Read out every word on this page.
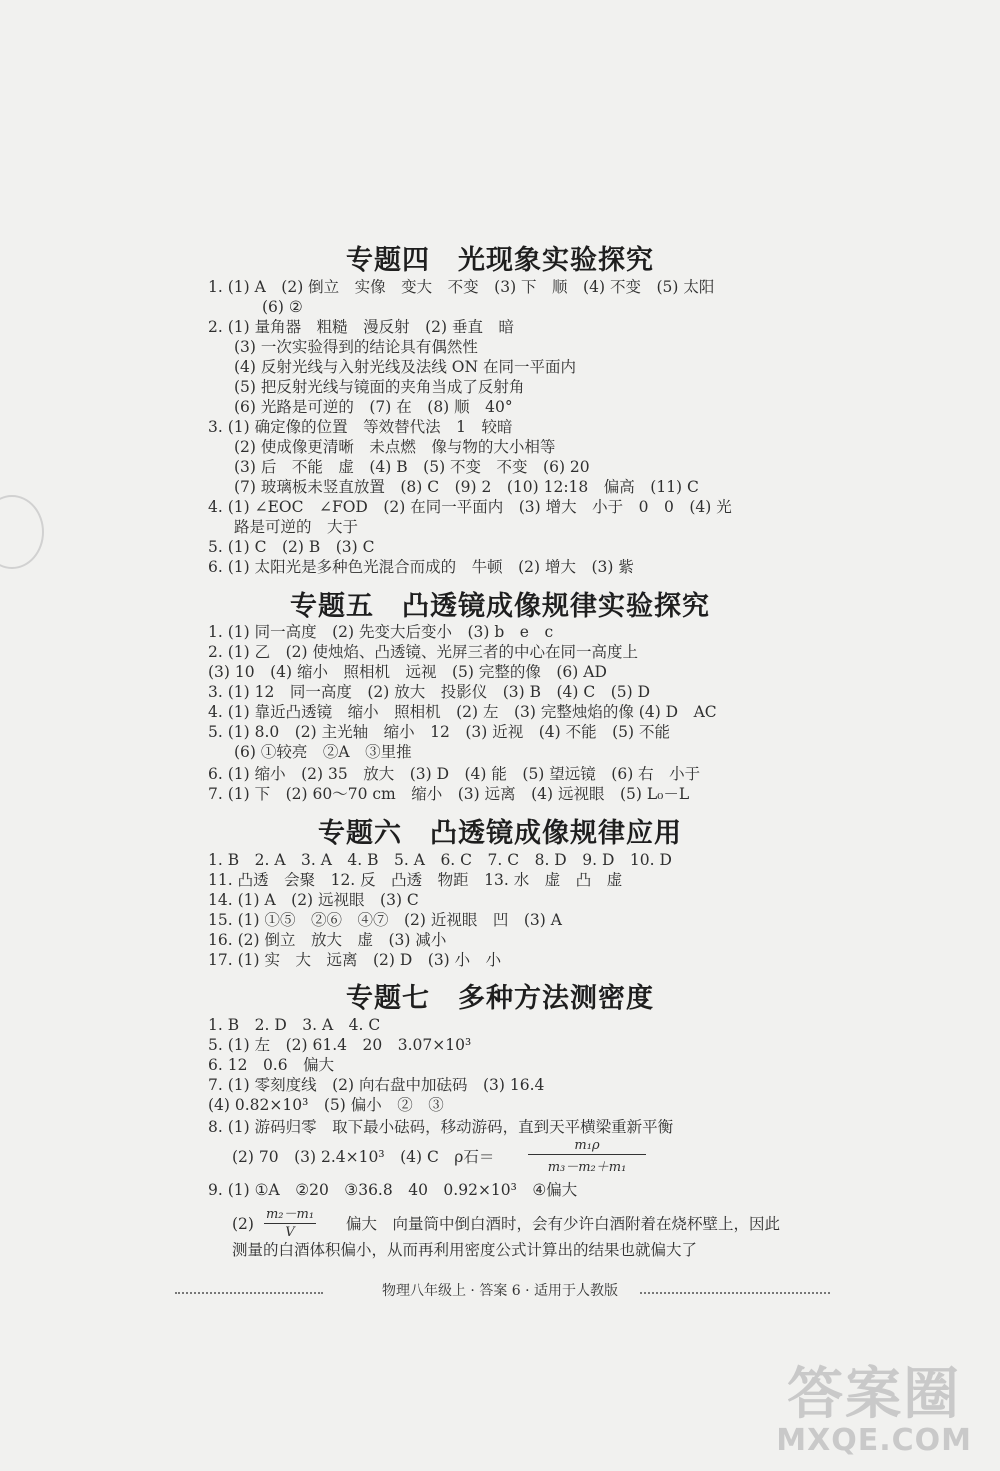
专题四　光现象实验探究
1. (1) A　(2) 倒立　实像　变大　不变　(3) 下　顺　(4) 不变　(5) 太阳
(6) ②
2. (1) 量角器　粗糙　漫反射　(2) 垂直　暗
(3) 一次实验得到的结论具有偶然性
(4) 反射光线与入射光线及法线 ON 在同一平面内
(5) 把反射光线与镜面的夹角当成了反射角
(6) 光路是可逆的　(7) 在　(8) 顺　40°
3. (1) 确定像的位置　等效替代法　1　较暗
(2) 使成像更清晰　未点燃　像与物的大小相等
(3) 后　不能　虚　(4) B　(5) 不变　不变　(6) 20
(7) 玻璃板未竖直放置　(8) C　(9) 2　(10) 12:18　偏高　(11) C
4. (1) ∠EOC　∠FOD　(2) 在同一平面内　(3) 增大　小于　0　0　(4) 光
路是可逆的　大于
5. (1) C　(2) B　(3) C
6. (1) 太阳光是多种色光混合而成的　牛顿　(2) 增大　(3) 紫
专题五　凸透镜成像规律实验探究
1. (1) 同一高度　(2) 先变大后变小　(3) b　e　c
2. (1) 乙　(2) 使烛焰、凸透镜、光屏三者的中心在同一高度上
(3) 10　(4) 缩小　照相机　远视　(5) 完整的像　(6) AD
3. (1) 12　同一高度　(2) 放大　投影仪　(3) B　(4) C　(5) D
4. (1) 靠近凸透镜　缩小　照相机　(2) 左　(3) 完整烛焰的像 (4) D　AC
5. (1) 8.0　(2) 主光轴　缩小　12　(3) 近视　(4) 不能　(5) 不能
(6) ①较亮　②A　③里推
6. (1) 缩小　(2) 35　放大　(3) D　(4) 能　(5) 望远镜　(6) 右　小于
7. (1) 下　(2) 60～70 cm　缩小　(3) 远离　(4) 远视眼　(5) L₀－L
专题六　凸透镜成像规律应用
1. B　2. A　3. A　4. B　5. A　6. C　7. C　8. D　9. D　10. D
11. 凸透　会聚　12. 反　凸透　物距　13. 水　虚　凸　虚
14. (1) A　(2) 远视眼　(3) C
15. (1) ①⑤　②⑥　④⑦　(2) 近视眼　凹　(3) A
16. (2) 倒立　放大　虚　(3) 减小
17. (1) 实　大　远离　(2) D　(3) 小　小
专题七　多种方法测密度
1. B　2. D　3. A　4. C
5. (1) 左　(2) 61.4　20　3.07×10³
6. 12　0.6　偏大
7. (1) 零刻度线　(2) 向右盘中加砝码　(3) 16.4
(4) 0.82×10³　(5) 偏小　②　③
8. (1) 游码归零　取下最小砝码，移动游码，直到天平横梁重新平衡
(2) 70　(3) 2.4×10³　(4) C　ρ石＝
m₁ρ
m₃－m₂＋m₁
9. (1) ①A　②20　③36.8　40　0.92×10³　④偏大
(2)
m₂－m₁
V	偏大　向量筒中倒白酒时，会有少许白酒附着在烧杯壁上，因此
测量的白酒体积偏小，从而再利用密度公式计算出的结果也就偏大了
物理八年级上 · 答案 6 · 适用于人教版
答案圈
MXQE.COM
